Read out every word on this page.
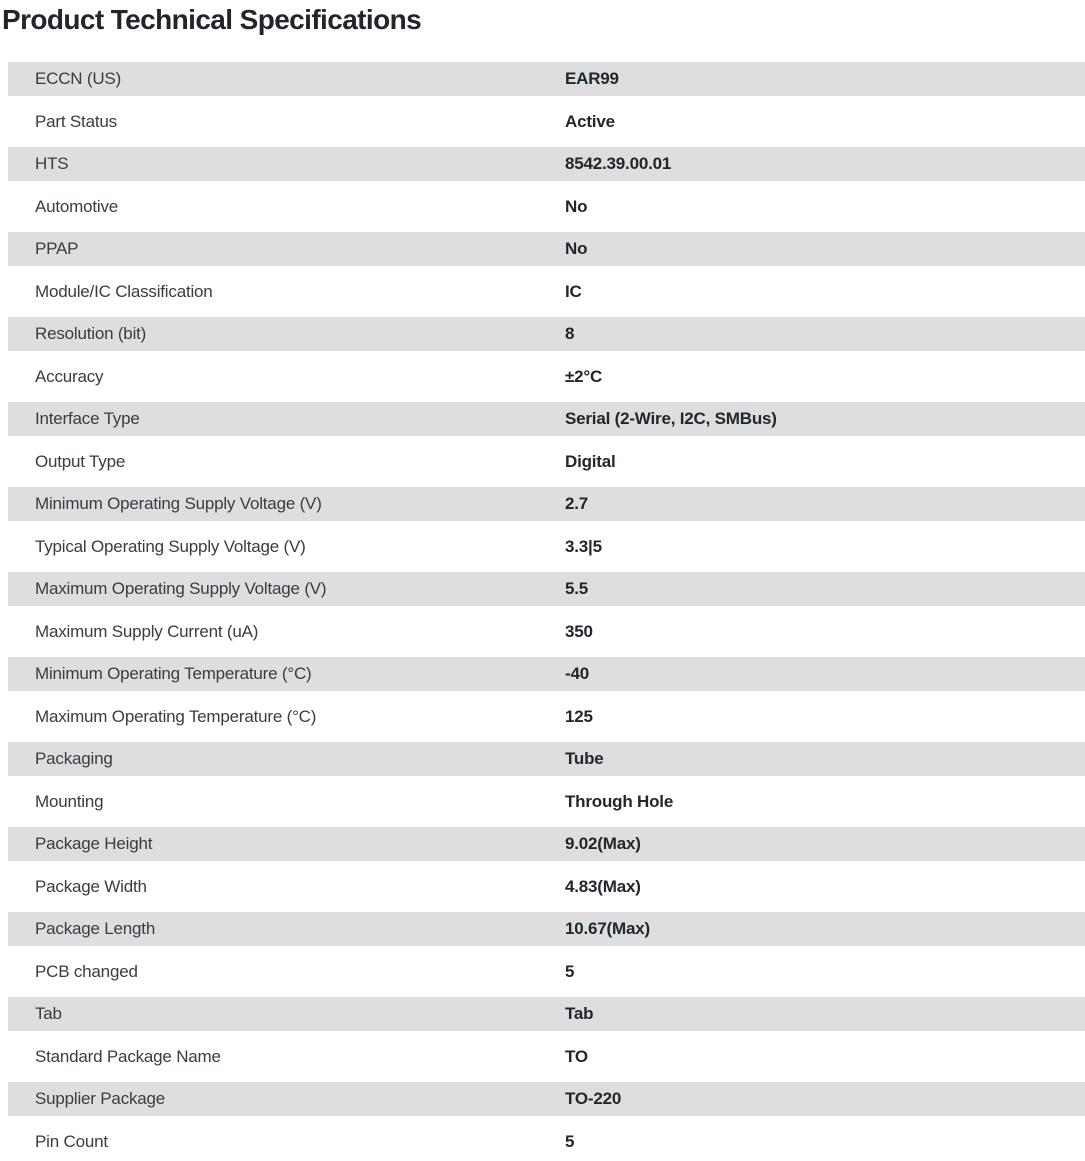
Product Technical Specifications
ECCN (US)	EAR99
Part Status	Active
HTS	8542.39.00.01
Automotive	No
PPAP	No
Module/IC Classification	IC
Resolution (bit)	8
Accuracy	±2°C
Interface Type	Serial (2-Wire, I2C, SMBus)
Output Type	Digital
Minimum Operating Supply Voltage (V)	2.7
Typical Operating Supply Voltage (V)	3.3|5
Maximum Operating Supply Voltage (V)	5.5
Maximum Supply Current (uA)	350
Minimum Operating Temperature (°C)	-40
Maximum Operating Temperature (°C)	125
Packaging	Tube
Mounting	Through Hole
Package Height	9.02(Max)
Package Width	4.83(Max)
Package Length	10.67(Max)
PCB changed	5
Tab	Tab
Standard Package Name	TO
Supplier Package	TO-220
Pin Count	5
